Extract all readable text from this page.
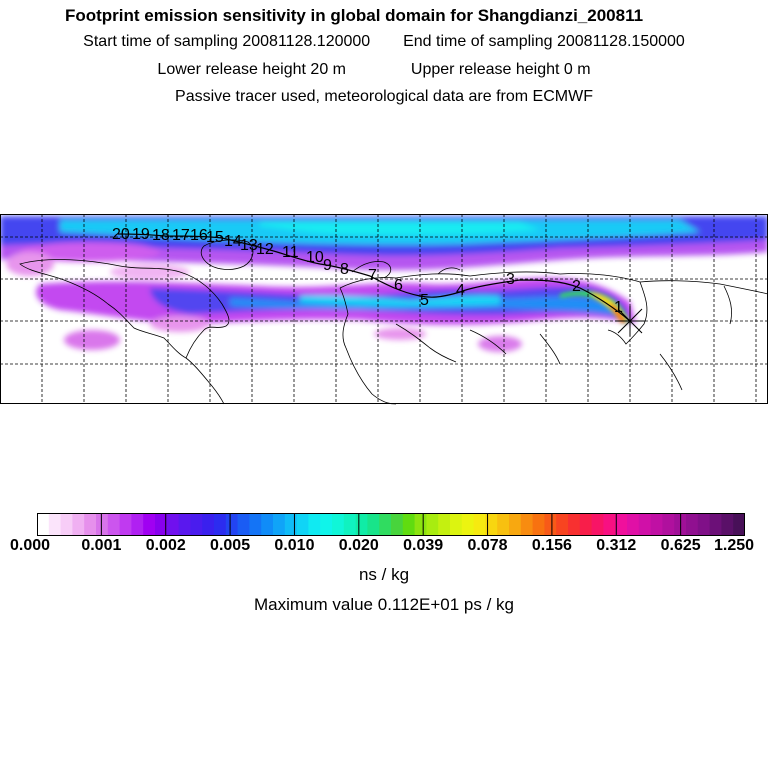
Footprint emission sensitivity in global domain for Shangdianzi_200811
Start time of sampling 20081128.120000 End time of sampling 20081128.150000
Lower release height 20 m	Upper release height 0 m
Passive tracer used, meteorological data are from ECMWF
1
2
3
4
5
6
7
8
9
10
11
12
13
14
15
16
17
18
19
20
0.000 0.001 0.002 0.005 0.010 0.020 0.039 0.078 0.156 0.312 0.625 1.250
ns / kg
Maximum value 0.112E+01 ps / kg
